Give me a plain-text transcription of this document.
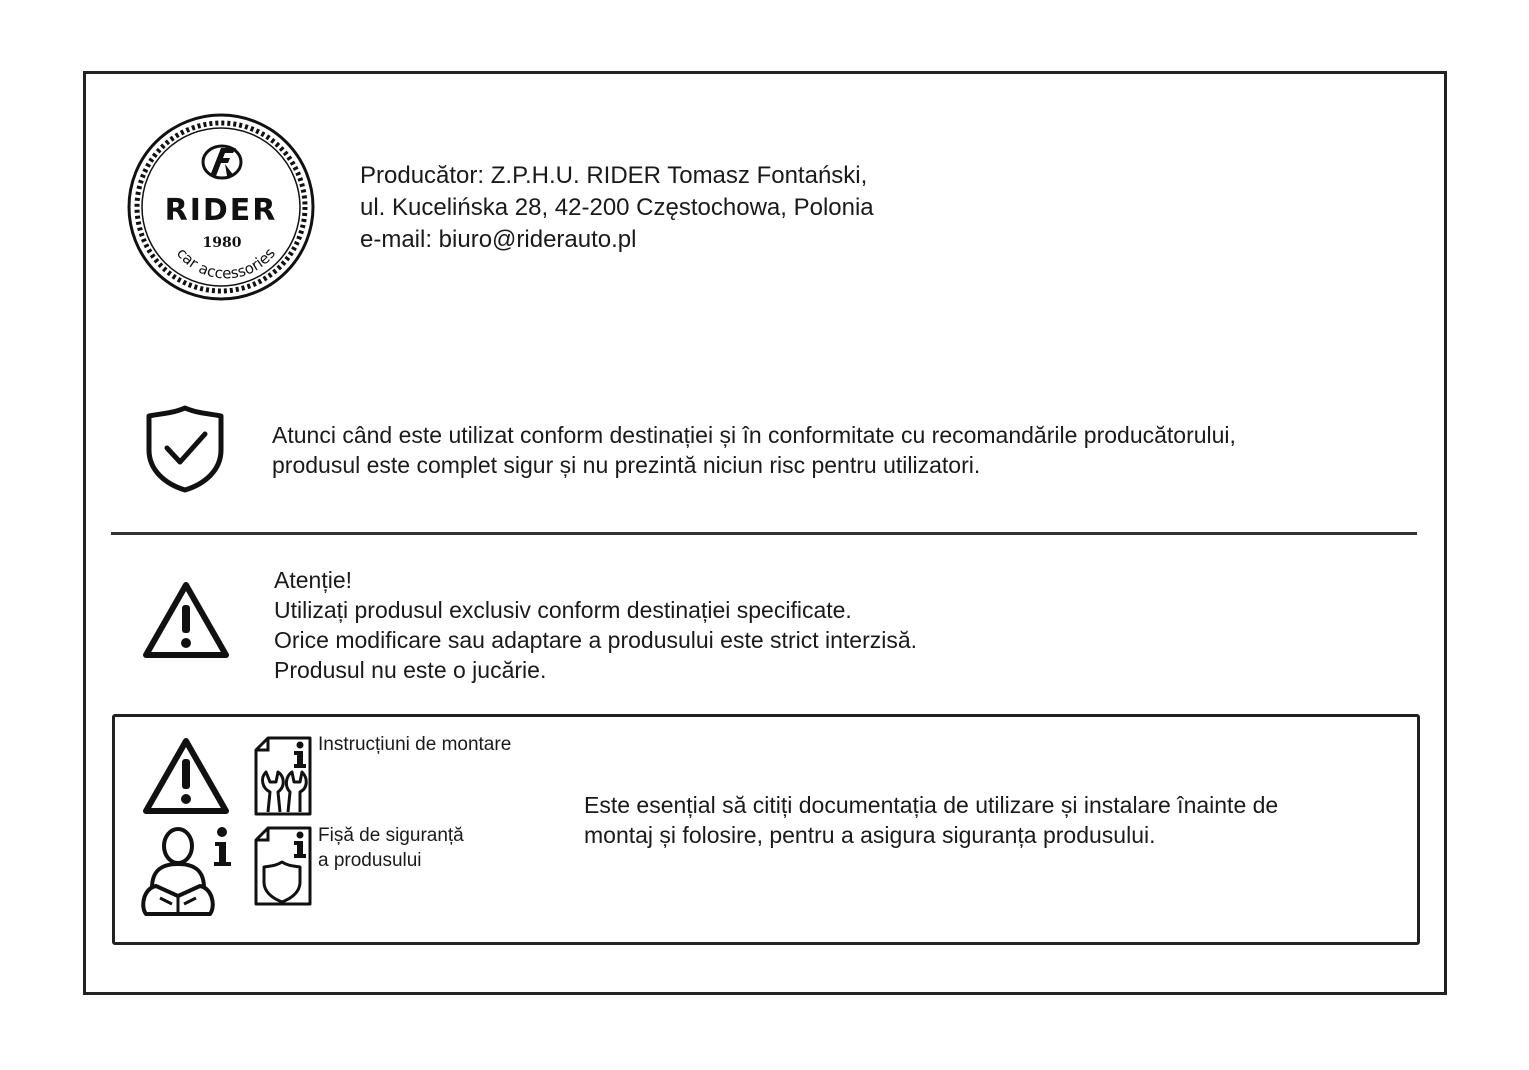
RIDER
1980
car accessories
Producător: Z.P.H.U. RIDER Tomasz Fontański,
ul. Kucelińska 28, 42-200 Częstochowa, Polonia
e-mail: biuro@riderauto.pl
Atunci când este utilizat conform destinației și în conformitate cu recomandările producătorului,
produsul este complet sigur și nu prezintă niciun risc pentru utilizatori.
Atenție!
Utilizați produsul exclusiv conform destinației specificate.
Orice modificare sau adaptare a produsului este strict interzisă.
Produsul nu este o jucărie.
Instrucțiuni de montare
Fișă de siguranță
a produsului
Este esențial să citiți documentația de utilizare și instalare înainte de
montaj și folosire, pentru a asigura siguranța produsului.
